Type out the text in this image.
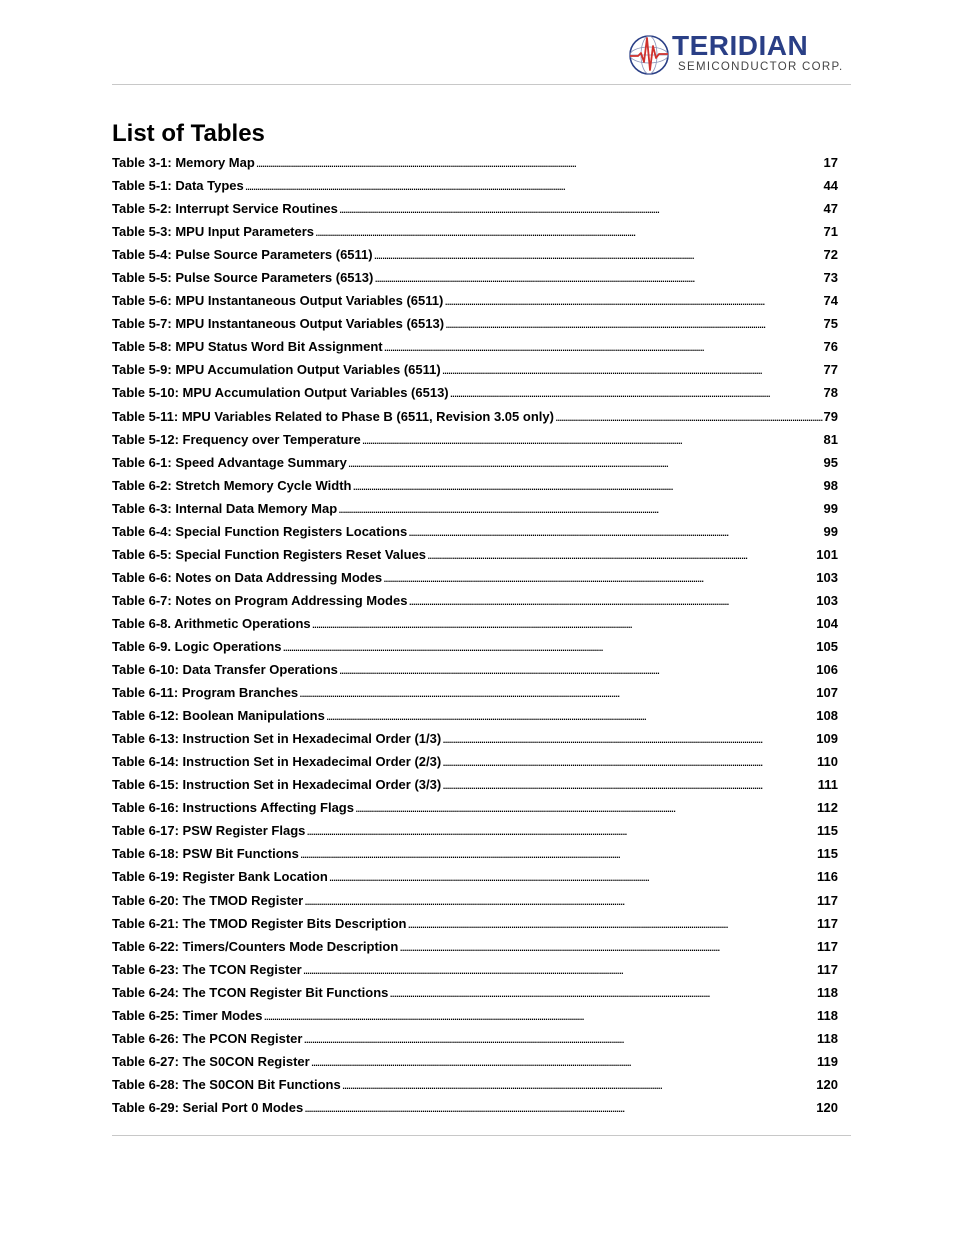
TERIDIAN
SEMICONDUCTOR CORP.
List of Tables
Table 3-1: Memory Map . . .	17
Table 5-1: Data Types . . .	44
Table 5-2: Interrupt Service Routines . . .	47
Table 5-3: MPU Input Parameters . . .	71
Table 5-4: Pulse Source Parameters (6511) . . .	72
Table 5-5: Pulse Source Parameters (6513) . . .	73
Table 5-6: MPU Instantaneous Output Variables (6511) . . .	74
Table 5-7: MPU Instantaneous Output Variables (6513) . . .	75
Table 5-8: MPU Status Word Bit Assignment . . .	76
Table 5-9: MPU Accumulation Output Variables (6511) . . .	77
Table 5-10: MPU Accumulation Output Variables (6513) . . .	78
Table 5-11: MPU Variables Related to Phase B (6511, Revision 3.05 only) . . .	79
Table 5-12: Frequency over Temperature . . .	81
Table 6-1: Speed Advantage Summary . . .	95
Table 6-2: Stretch Memory Cycle Width . . .	98
Table 6-3: Internal Data Memory Map . . .	99
Table 6-4: Special Function Registers Locations . . .	99
Table 6-5: Special Function Registers Reset Values . . .	101
Table 6-6: Notes on Data Addressing Modes . . .	103
Table 6-7: Notes on Program Addressing Modes . . .	103
Table 6-8. Arithmetic Operations . . .	104
Table 6-9. Logic Operations . . .	105
Table 6-10: Data Transfer Operations . . .	106
Table 6-11: Program Branches . . .	107
Table 6-12: Boolean Manipulations . . .	108
Table 6-13: Instruction Set in Hexadecimal Order (1/3) . . .	109
Table 6-14: Instruction Set in Hexadecimal Order (2/3) . . .	110
Table 6-15: Instruction Set in Hexadecimal Order (3/3) . . .	111
Table 6-16: Instructions Affecting Flags . . .	112
Table 6-17: PSW Register Flags . . .	115
Table 6-18: PSW Bit Functions . . .	115
Table 6-19: Register Bank Location . . .	116
Table 6-20: The TMOD Register . . .	117
Table 6-21: The TMOD Register Bits Description . . .	117
Table 6-22: Timers/Counters Mode Description . . .	117
Table 6-23: The TCON Register . . .	117
Table 6-24: The TCON Register Bit Functions . . .	118
Table 6-25: Timer Modes . . .	118
Table 6-26: The PCON Register . . .	118
Table 6-27: The S0CON Register . . .	119
Table 6-28: The S0CON Bit Functions . . .	120
Table 6-29: Serial Port 0 Modes . . .	120
